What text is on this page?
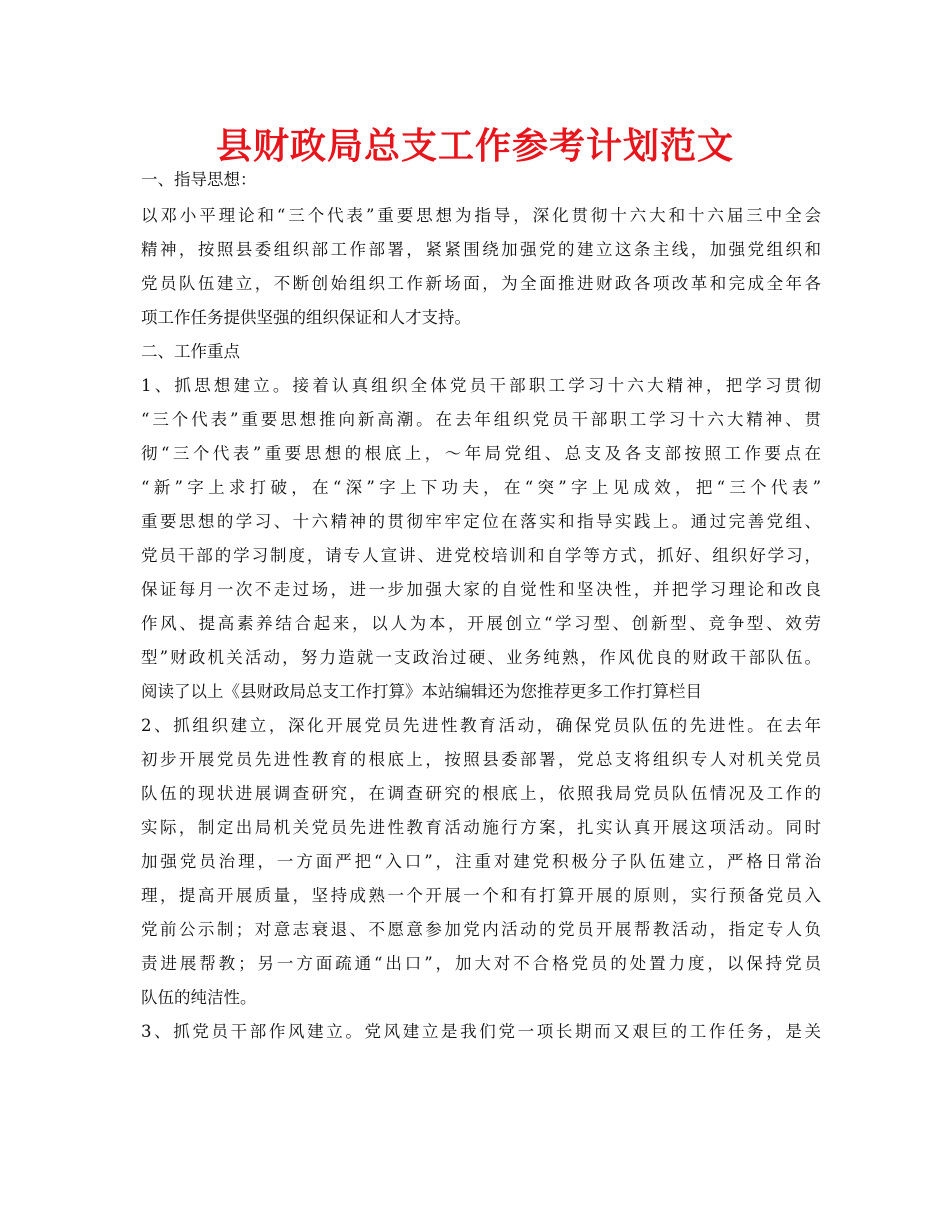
县财政局总支工作参考计划范文
一、指导思想：
以邓小平理论和“三个代表”重要思想为指导，深化贯彻十六大和十六届三中全会
精神，按照县委组织部工作部署，紧紧围绕加强党的建立这条主线，加强党组织和
党员队伍建立，不断创始组织工作新场面，为全面推进财政各项改革和完成全年各
项工作任务提供坚强的组织保证和人才支持。
二、工作重点
1、抓思想建立。接着认真组织全体党员干部职工学习十六大精神，把学习贯彻
“三个代表”重要思想推向新高潮。在去年组织党员干部职工学习十六大精神、贯
彻“三个代表”重要思想的根底上，～年局党组、总支及各支部按照工作要点在
“新”字上求打破，在“深”字上下功夫，在“突”字上见成效，把“三个代表”
重要思想的学习、十六精神的贯彻牢牢定位在落实和指导实践上。通过完善党组、
党员干部的学习制度，请专人宣讲、进党校培训和自学等方式，抓好、组织好学习，
保证每月一次不走过场，进一步加强大家的自觉性和坚决性，并把学习理论和改良
作风、提高素养结合起来，以人为本，开展创立“学习型、创新型、竞争型、效劳
型”财政机关活动，努力造就一支政治过硬、业务纯熟，作风优良的财政干部队伍。
阅读了以上《县财政局总支工作打算》本站编辑还为您推荐更多工作打算栏目
2、抓组织建立，深化开展党员先进性教育活动，确保党员队伍的先进性。在去年
初步开展党员先进性教育的根底上，按照县委部署，党总支将组织专人对机关党员
队伍的现状进展调查研究，在调查研究的根底上，依照我局党员队伍情况及工作的
实际，制定出局机关党员先进性教育活动施行方案，扎实认真开展这项活动。同时
加强党员治理，一方面严把“入口”，注重对建党积极分子队伍建立，严格日常治
理，提高开展质量，坚持成熟一个开展一个和有打算开展的原则，实行预备党员入
党前公示制；对意志衰退、不愿意参加党内活动的党员开展帮教活动，指定专人负
责进展帮教；另一方面疏通“出口”，加大对不合格党员的处置力度，以保持党员
队伍的纯洁性。
3、抓党员干部作风建立。党风建立是我们党一项长期而又艰巨的工作任务，是关
